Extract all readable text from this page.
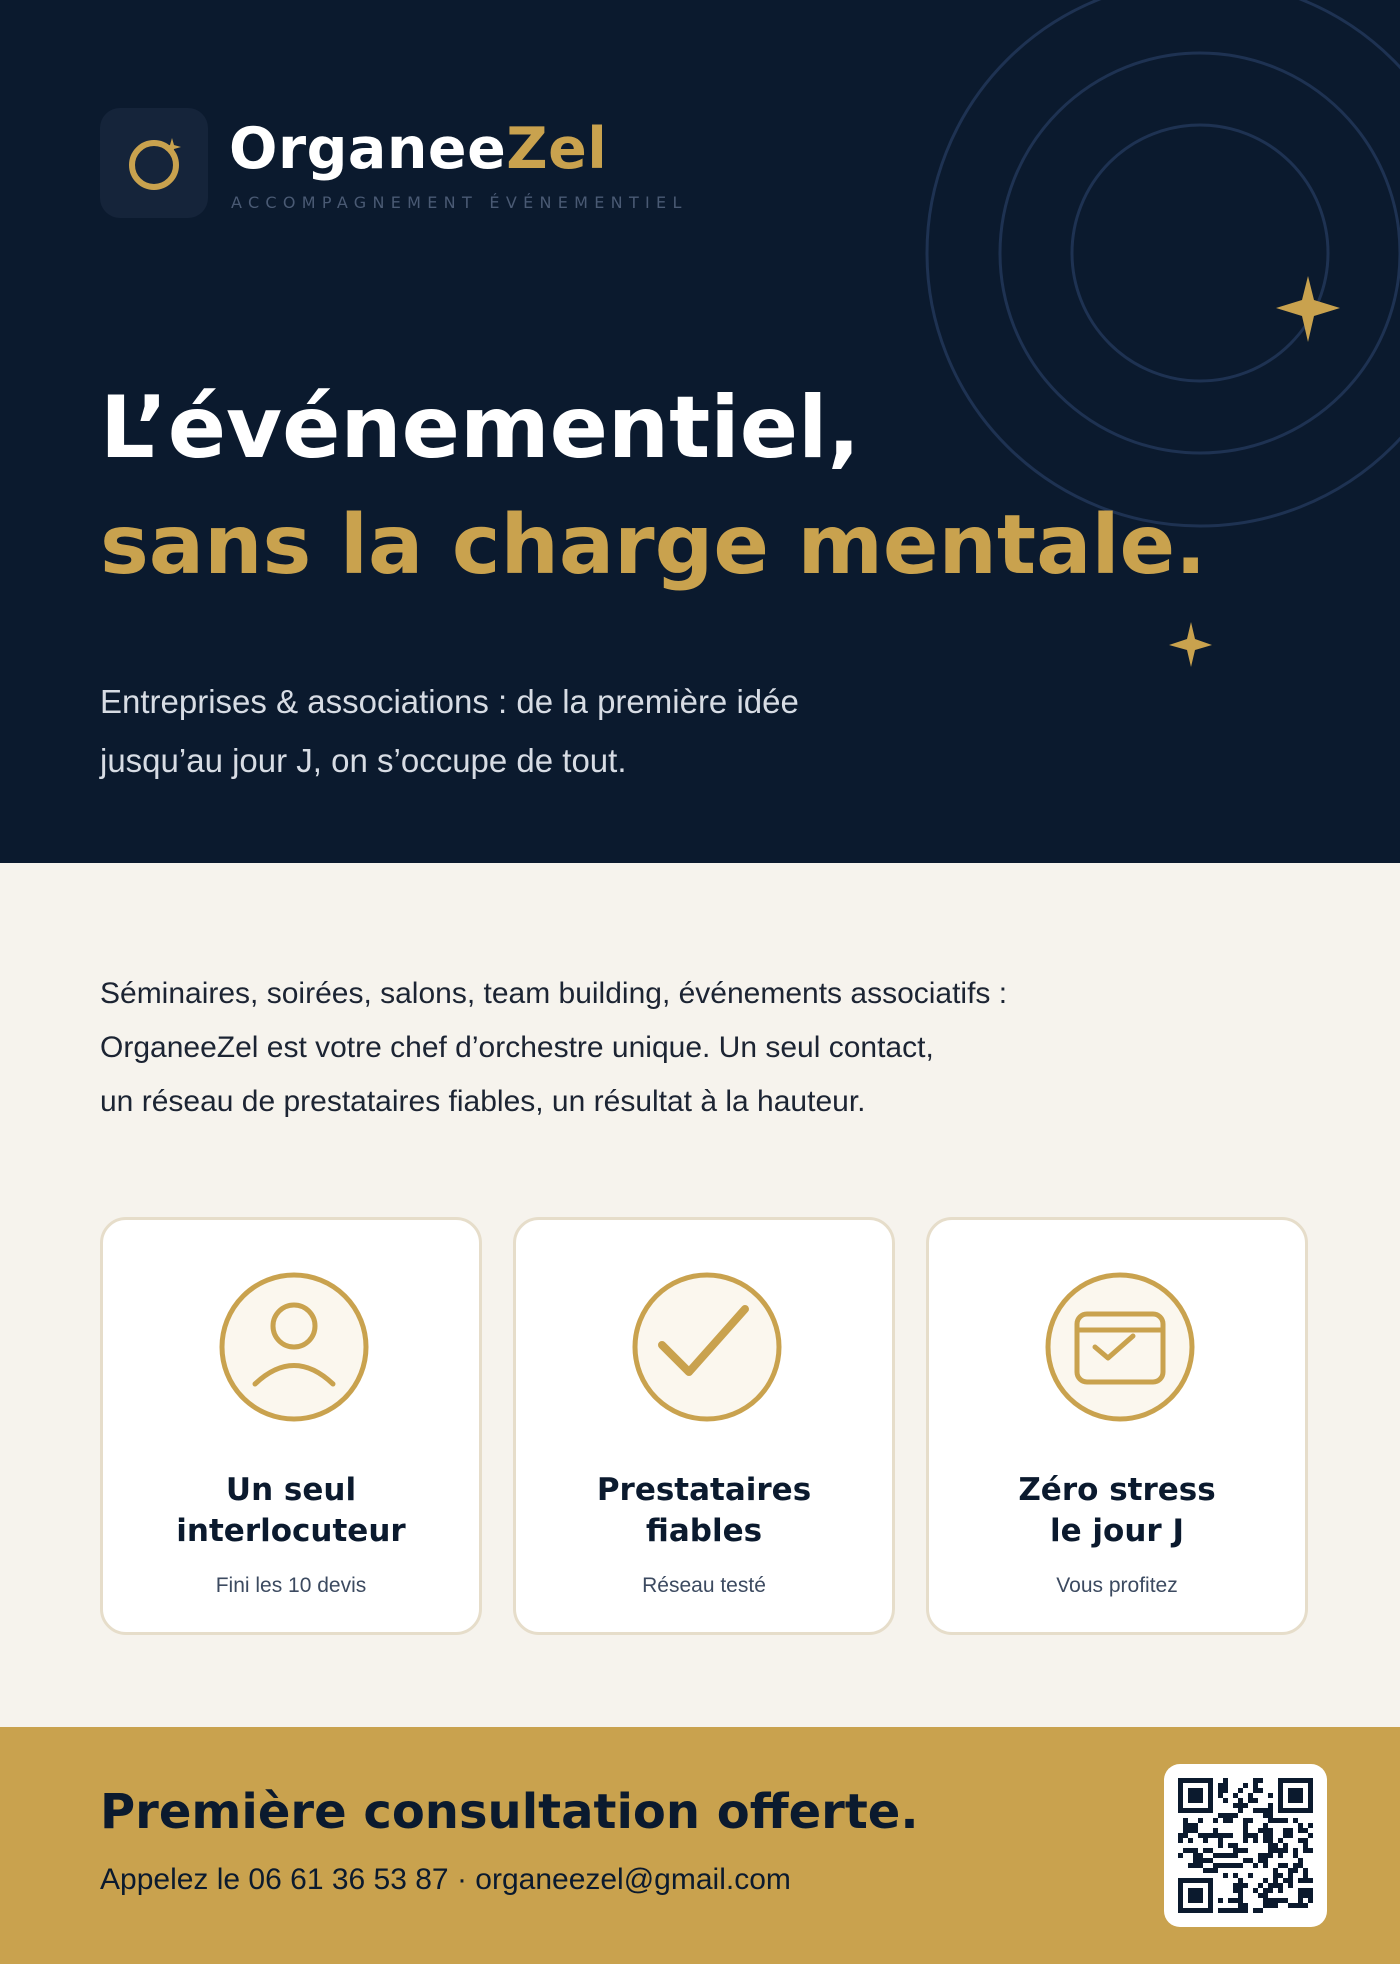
OrganeeZel
ACCOMPAGNEMENT ÉVÉNEMENTIEL
L’événementiel,
sans la charge mentale.
Entreprises & associations : de la première idée
jusqu’au jour J, on s’occupe de tout.
Séminaires, soirées, salons, team building, événements associatifs :
OrganeeZel est votre chef d’orchestre unique. Un seul contact,
un réseau de prestataires fiables, un résultat à la hauteur.
Un seul
interlocuteur
Fini les 10 devis
Prestataires
fiables
Réseau testé
Zéro stress
le jour J
Vous profitez
Première consultation offerte.
Appelez le 06 61 36 53 87 · organeezel@gmail.com
